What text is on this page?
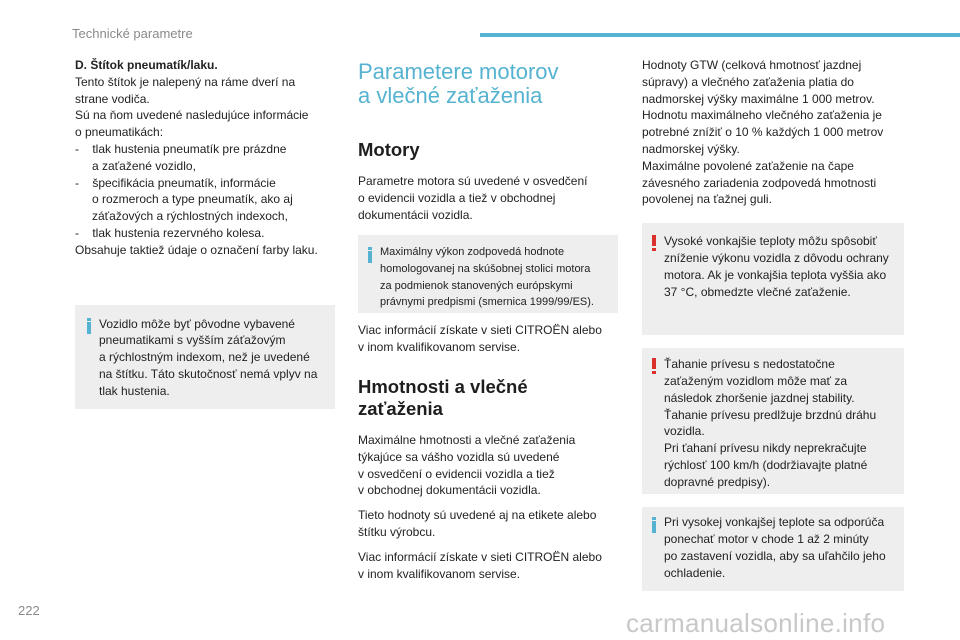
Technické parametre
D. Štítok pneumatík/laku.
Tento štítok je nalepený na ráme dverí na
strane vodiča.
Sú na ňom uvedené nasledujúce informácie
o pneumatikách:
-    tlak hustenia pneumatík pre prázdne
a zaťažené vozidlo,
-    špecifikácia pneumatík, informácie
o rozmeroch a type pneumatík, ako aj
záťažových a rýchlostných indexoch,
-    tlak hustenia rezervného kolesa.
Obsahuje taktiež údaje o označení farby laku.
Vozidlo môže byť pôvodne vybavené
pneumatikami s vyšším záťažovým
a rýchlostným indexom, než je uvedené
na štítku. Táto skutočnosť nemá vplyv na
tlak hustenia.
Parametere motorov
a vlečné zaťaženia
Motory
Parametre motora sú uvedené v osvedčení
o evidencii vozidla a tiež v obchodnej
dokumentácii vozidla.
Maximálny výkon zodpovedá hodnote
homologovanej na skúšobnej stolici motora
za podmienok stanovených európskymi
právnymi predpismi (smernica 1999/99/ES).
Viac informácií získate v sieti CITROËN alebo
v inom kvalifikovanom servise.
Hmotnosti a vlečné
zaťaženia
Maximálne hmotnosti a vlečné zaťaženia
týkajúce sa vášho vozidla sú uvedené
v osvedčení o evidencii vozidla a tiež
v obchodnej dokumentácii vozidla.
Tieto hodnoty sú uvedené aj na etikete alebo
štítku výrobcu.
Viac informácií získate v sieti CITROËN alebo
v inom kvalifikovanom servise.
Hodnoty GTW (celková hmotnosť jazdnej
súpravy) a vlečného zaťaženia platia do
nadmorskej výšky maximálne 1 000 metrov.
Hodnotu maximálneho vlečného zaťaženia je
potrebné znížiť o 10 % každých 1 000 metrov
nadmorskej výšky.
Maximálne povolené zaťaženie na čape
závesného zariadenia zodpovedá hmotnosti
povolenej na ťažnej guli.
Vysoké vonkajšie teploty môžu spôsobiť
zníženie výkonu vozidla z dôvodu ochrany
motora. Ak je vonkajšia teplota vyššia ako
37 °C, obmedzte vlečné zaťaženie.
Ťahanie prívesu s nedostatočne
zaťaženým vozidlom môže mať za
následok zhoršenie jazdnej stability.
Ťahanie prívesu predlžuje brzdnú dráhu
vozidla.
Pri ťahaní prívesu nikdy neprekračujte
rýchlosť 100 km/h (dodržiavajte platné
dopravné predpisy).
Pri vysokej vonkajšej teplote sa odporúča
ponechať motor v chode 1 až 2 minúty
po zastavení vozidla, aby sa uľahčilo jeho
ochladenie.
222	carmanualsonline.info
